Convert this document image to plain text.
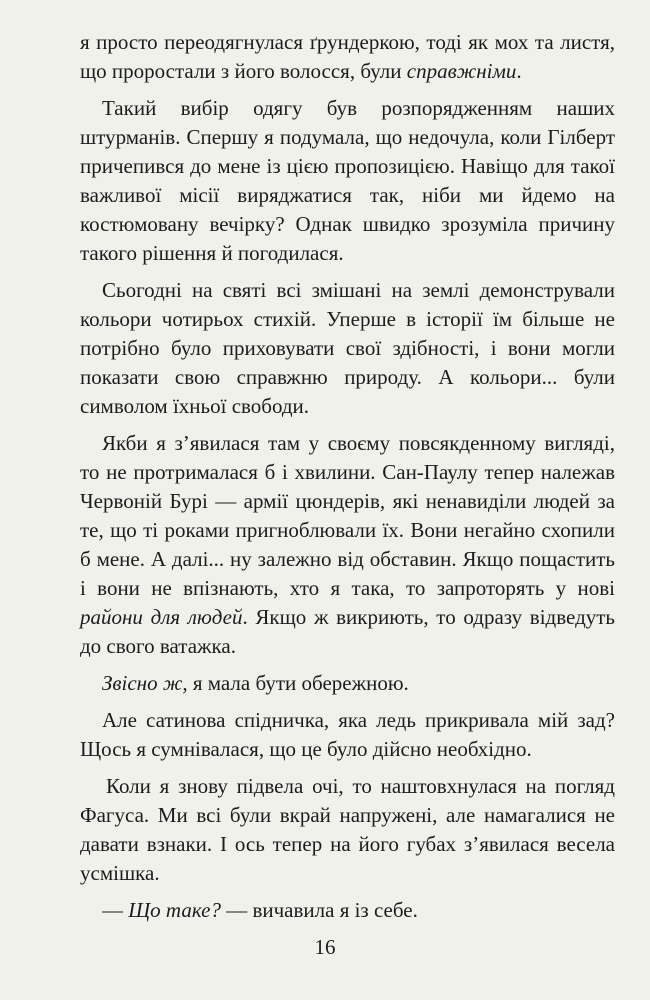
я просто переодягнулася ґрундеркою, тоді як мох та листя, що проростали з його волосся, були справжніми.

Такий вибір одягу був розпорядженням наших штурманів. Спершу я подумала, що недочула, коли Гілберт причепився до мене із цією пропозицією. Навіщо для такої важливої місії виряджатися так, ніби ми йдемо на костюмовану вечірку? Однак швидко зрозуміла причину такого рішення й погодилася.

Сьогодні на святі всі змішані на землі демонстрували кольори чотирьох стихій. Уперше в історії їм більше не потрібно було приховувати свої здібності, і вони могли показати свою справжню природу. А кольори... були символом їхньої свободи.

Якби я з’явилася там у своєму повсякденному вигляді, то не протрималася б і хвилини. Сан-Паулу тепер належав Червоній Бурі — армії цюндерів, які ненавиділи людей за те, що ті роками пригноблювали їх. Вони негайно схопили б мене. А далі... ну залежно від обставин. Якщо пощастить і вони не впізнають, хто я така, то запроторять у нові райони для людей. Якщо ж викриють, то одразу відведуть до свого ватажка.

Звісно ж, я мала бути обережною.

Але сатинова спідничка, яка ледь прикривала мій зад? Щось я сумнівалася, що це було дійсно необхідно.

Коли я знову підвела очі, то наштовхнулася на погляд Фагуса. Ми всі були вкрай напружені, але намагалися не давати взнаки. І ось тепер на його губах з’явилася весела усмішка.

— Що таке? — вичавила я із себе.

16
